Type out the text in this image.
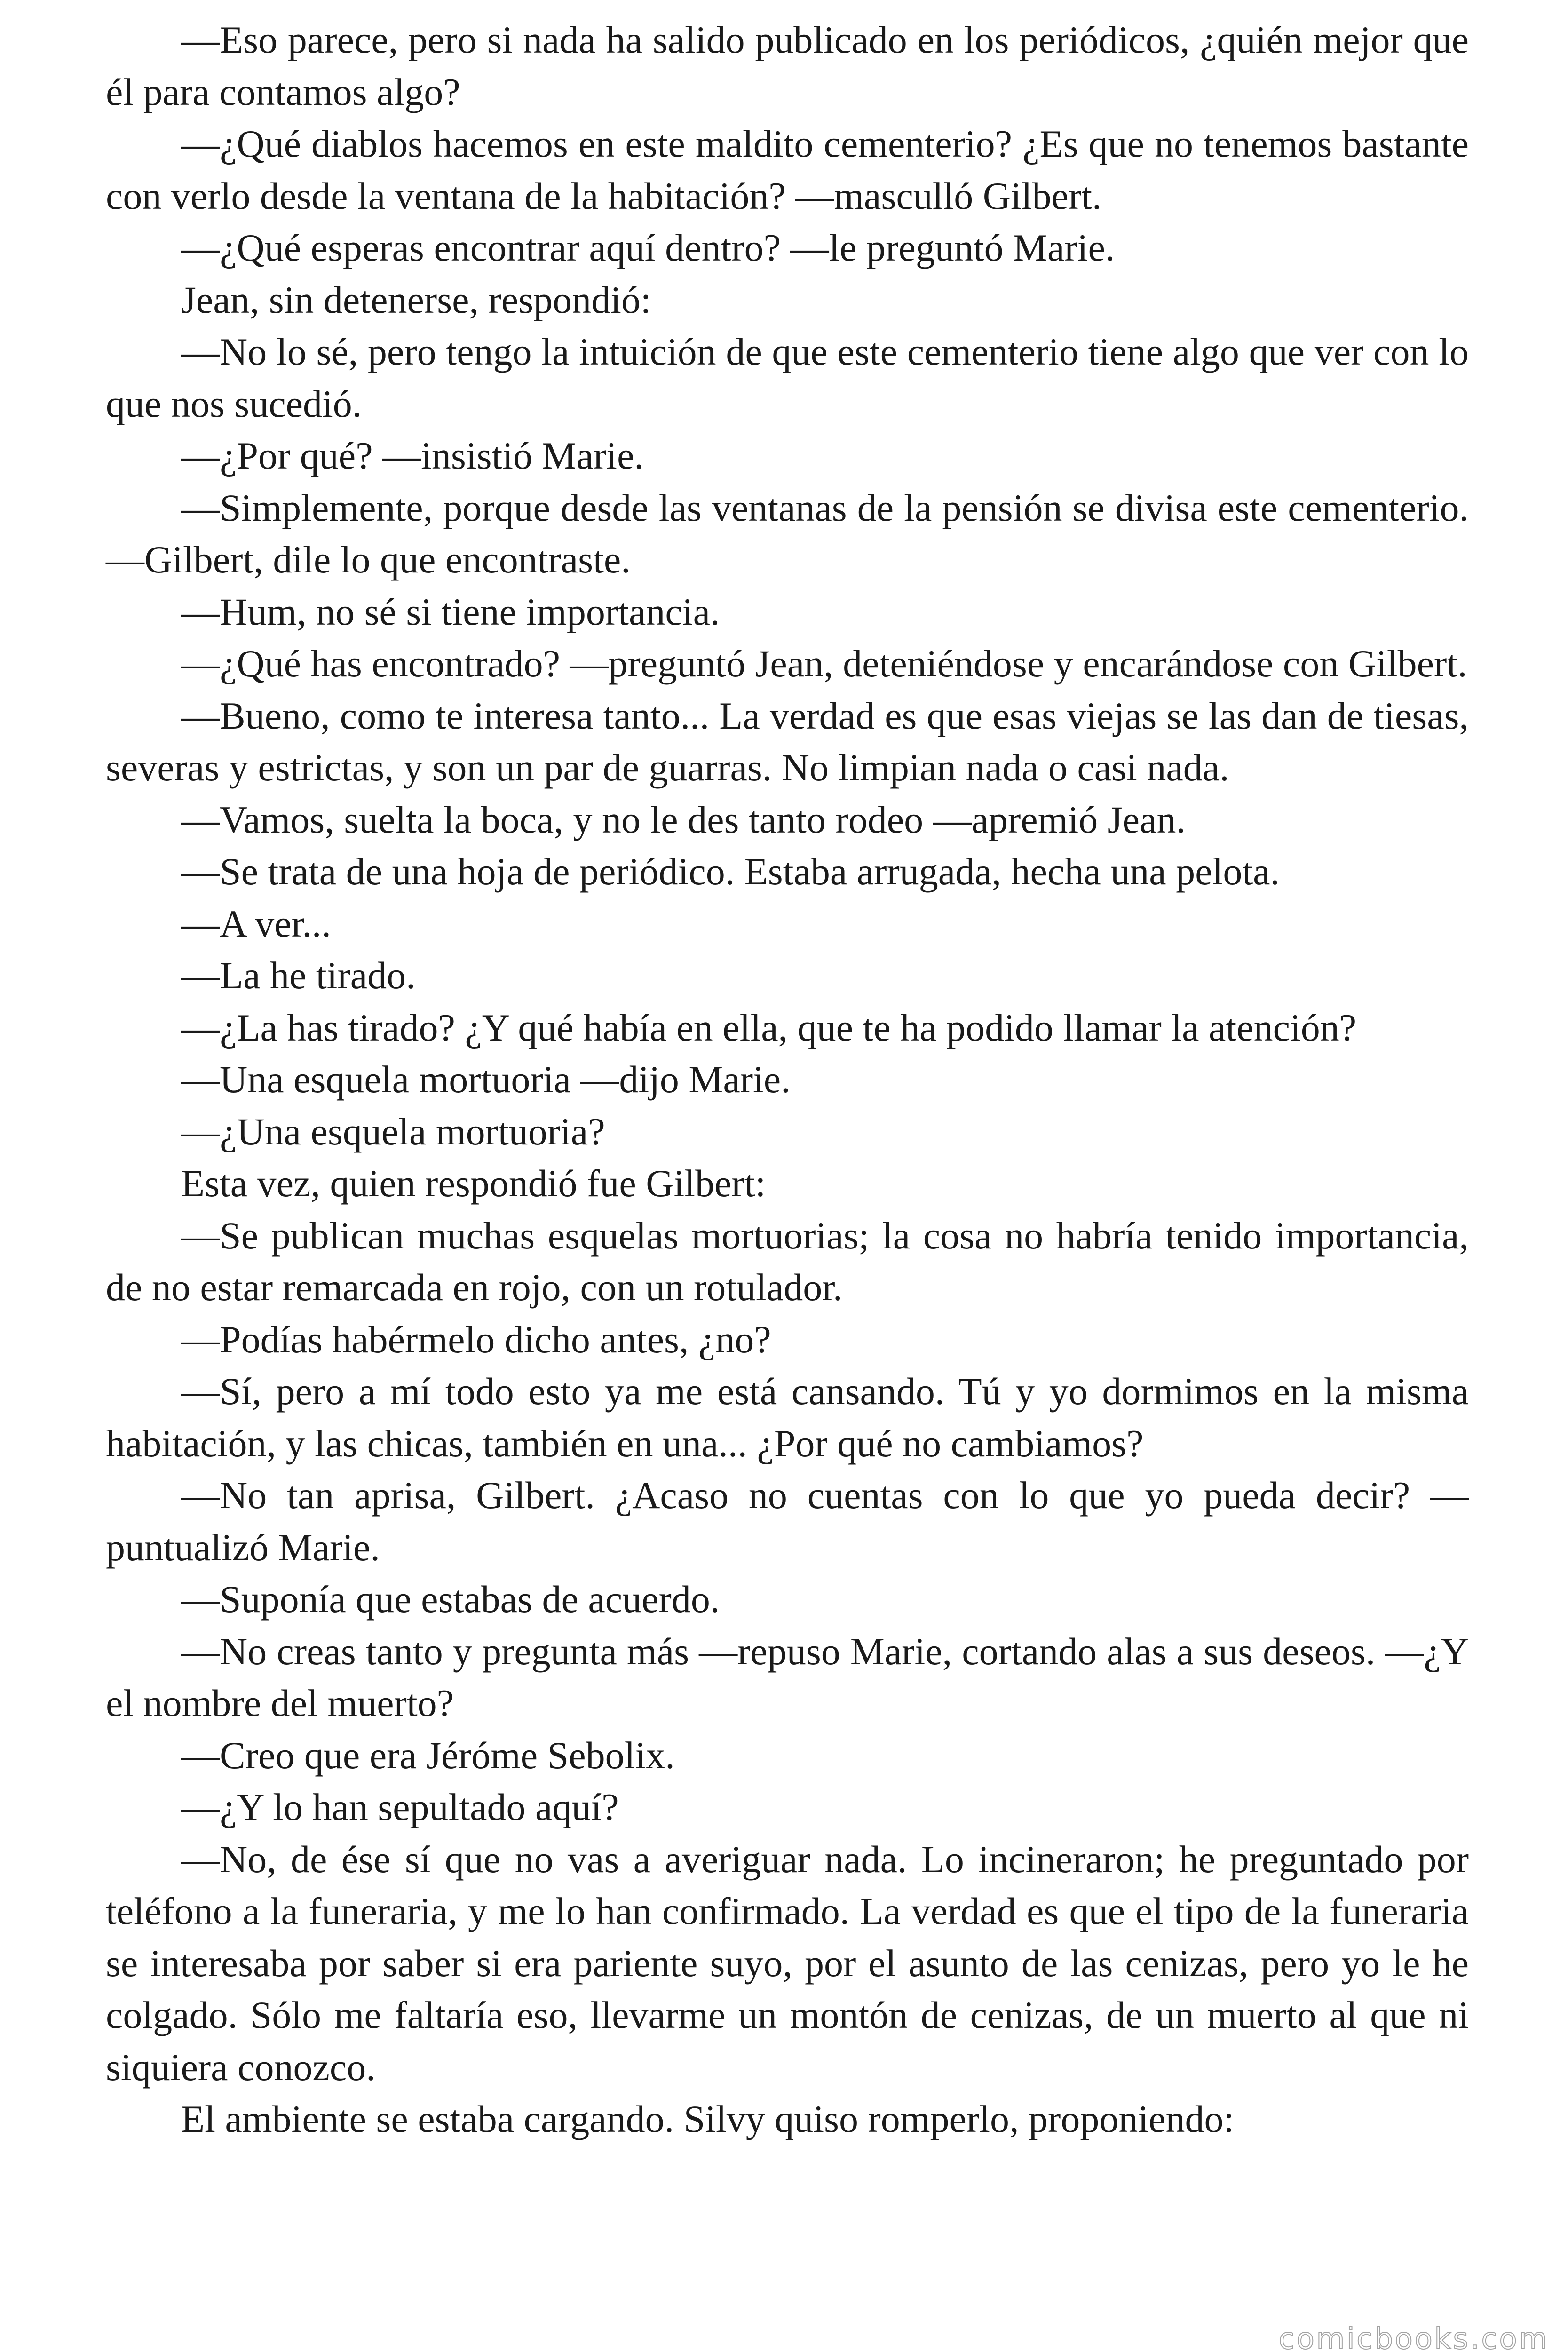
—Eso parece, pero si nada ha salido publicado en los periódicos, ¿quién mejor que él para contamos algo?

—¿Qué diablos hacemos en este maldito cementerio? ¿Es que no tenemos bastante con verlo desde la ventana de la habitación? —masculló Gilbert.

—¿Qué esperas encontrar aquí dentro? —le preguntó Marie.

Jean, sin detenerse, respondió:

—No lo sé, pero tengo la intuición de que este cementerio tiene algo que ver con lo que nos sucedió.

—¿Por qué? —insistió Marie.

—Simplemente, porque desde las ventanas de la pensión se divisa este cementerio. —Gilbert, dile lo que encontraste.

—Hum, no sé si tiene importancia.

—¿Qué has encontrado? —preguntó Jean, deteniéndose y encarándose con Gilbert.

—Bueno, como te interesa tanto... La verdad es que esas viejas se las dan de tiesas, severas y estrictas, y son un par de guarras. No limpian nada o casi nada.

—Vamos, suelta la boca, y no le des tanto rodeo —apremió Jean.

—Se trata de una hoja de periódico. Estaba arrugada, hecha una pelota.

—A ver...

—La he tirado.

—¿La has tirado? ¿Y qué había en ella, que te ha podido llamar la atención?

—Una esquela mortuoria —dijo Marie.

—¿Una esquela mortuoria?

Esta vez, quien respondió fue Gilbert:

—Se publican muchas esquelas mortuorias; la cosa no habría tenido importancia, de no estar remarcada en rojo, con un rotulador.

—Podías habérmelo dicho antes, ¿no?

—Sí, pero a mí todo esto ya me está cansando. Tú y yo dormimos en la misma habitación, y las chicas, también en una... ¿Por qué no cambiamos?

—No tan aprisa, Gilbert. ¿Acaso no cuentas con lo que yo pueda decir? —puntualizó Marie.

—Suponía que estabas de acuerdo.

—No creas tanto y pregunta más —repuso Marie, cortando alas a sus deseos. —¿Y el nombre del muerto?

—Creo que era Jéróme Sebolix.

—¿Y lo han sepultado aquí?

—No, de ése sí que no vas a averiguar nada. Lo incineraron; he preguntado por teléfono a la funeraria, y me lo han confirmado. La verdad es que el tipo de la funeraria se interesaba por saber si era pariente suyo, por el asunto de las cenizas, pero yo le he colgado. Sólo me faltaría eso, llevarme un montón de cenizas, de un muerto al que ni siquiera conozco.

El ambiente se estaba cargando. Silvy quiso romperlo, proponiendo:

comicbooks.com
